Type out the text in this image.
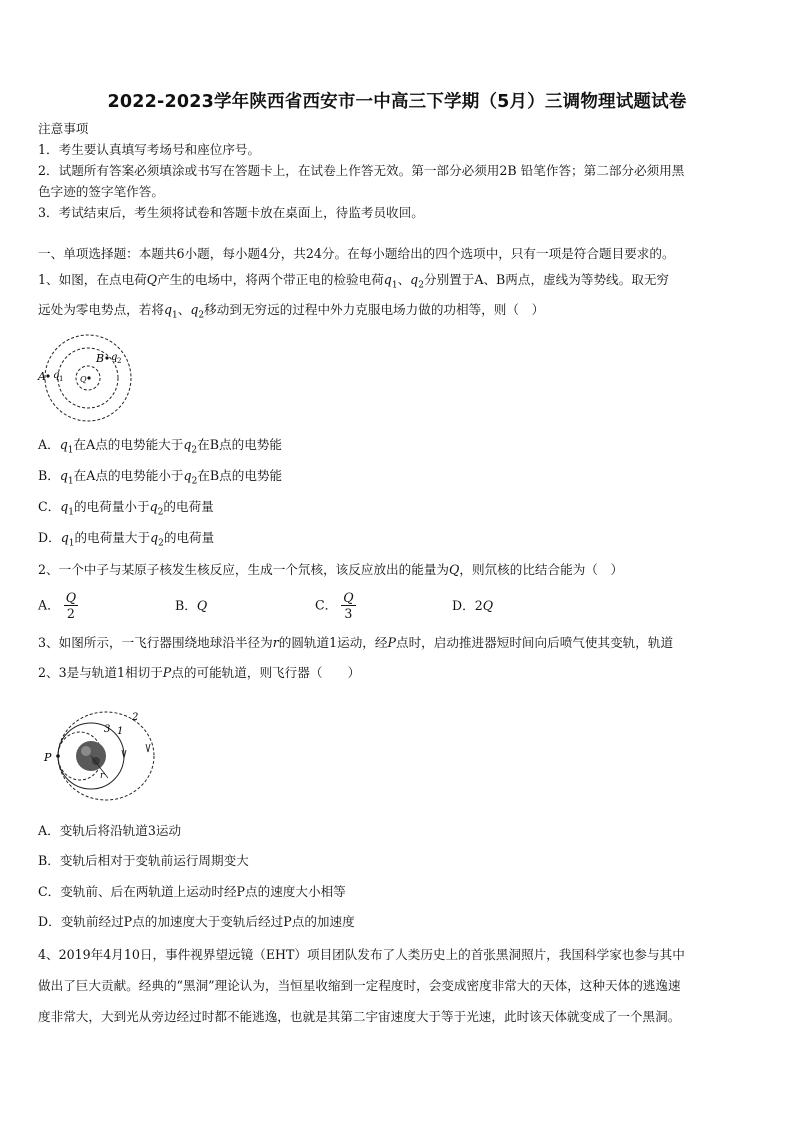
2022-2023学年陕西省西安市一中高三下学期（5月）三调物理试题试卷
注意事项
1．考生要认真填写考场号和座位序号。
2．试题所有答案必须填涂或书写在答题卡上，在试卷上作答无效。第一部分必须用2B 铅笔作答；第二部分必须用黑
色字迹的签字笔作答。
3．考试结束后，考生须将试卷和答题卡放在桌面上，待监考员收回。
一、单项选择题：本题共6小题，每小题4分，共24分。在每小题给出的四个选项中，只有一项是符合题目要求的。
1、如图，在点电荷Q产生的电场中，将两个带正电的检验电荷$q_1$、$q_2$分别置于A、B两点，虚线为等势线。取无穷
远处为零电势点，若将$q_1$、$q_2$移动到无穷远的过程中外力克服电场力做的功相等，则（　）
A q 1 Q
B q 2
A．$q_1$在A点的电势能大于$q_2$在B点的电势能
B．$q_1$在A点的电势能小于$q_2$在B点的电势能
C．$q_1$的电荷量小于$q_2$的电荷量
D．$q_1$的电荷量大于$q_2$的电荷量
2、一个中子与某原子核发生核反应，生成一个氘核，该反应放出的能量为Q，则氘核的比结合能为（　）
A． $\frac{Q}{2}$	B．Q	C． $\frac{Q}{3}$	D．2Q
3、如图所示，一飞行器围绕地球沿半径为r的圆轨道1运动，经P点时，启动推进器短时间向后喷气使其变轨，轨道
2、3是与轨道1相切于P点的可能轨道，则飞行器（　　）
P
2
1
3
r
A．变轨后将沿轨道3运动
B．变轨后相对于变轨前运行周期变大
C．变轨前、后在两轨道上运动时经P点的速度大小相等
D．变轨前经过P点的加速度大于变轨后经过P点的加速度
4、2019年4月10日，事件视界望远镜（EHT）项目团队发布了人类历史上的首张黑洞照片，我国科学家也参与其中
做出了巨大贡献。经典的“黑洞”理论认为，当恒星收缩到一定程度时，会变成密度非常大的天体，这种天体的逃逸速
度非常大，大到光从旁边经过时都不能逃逸，也就是其第二宇宙速度大于等于光速，此时该天体就变成了一个黑洞。
